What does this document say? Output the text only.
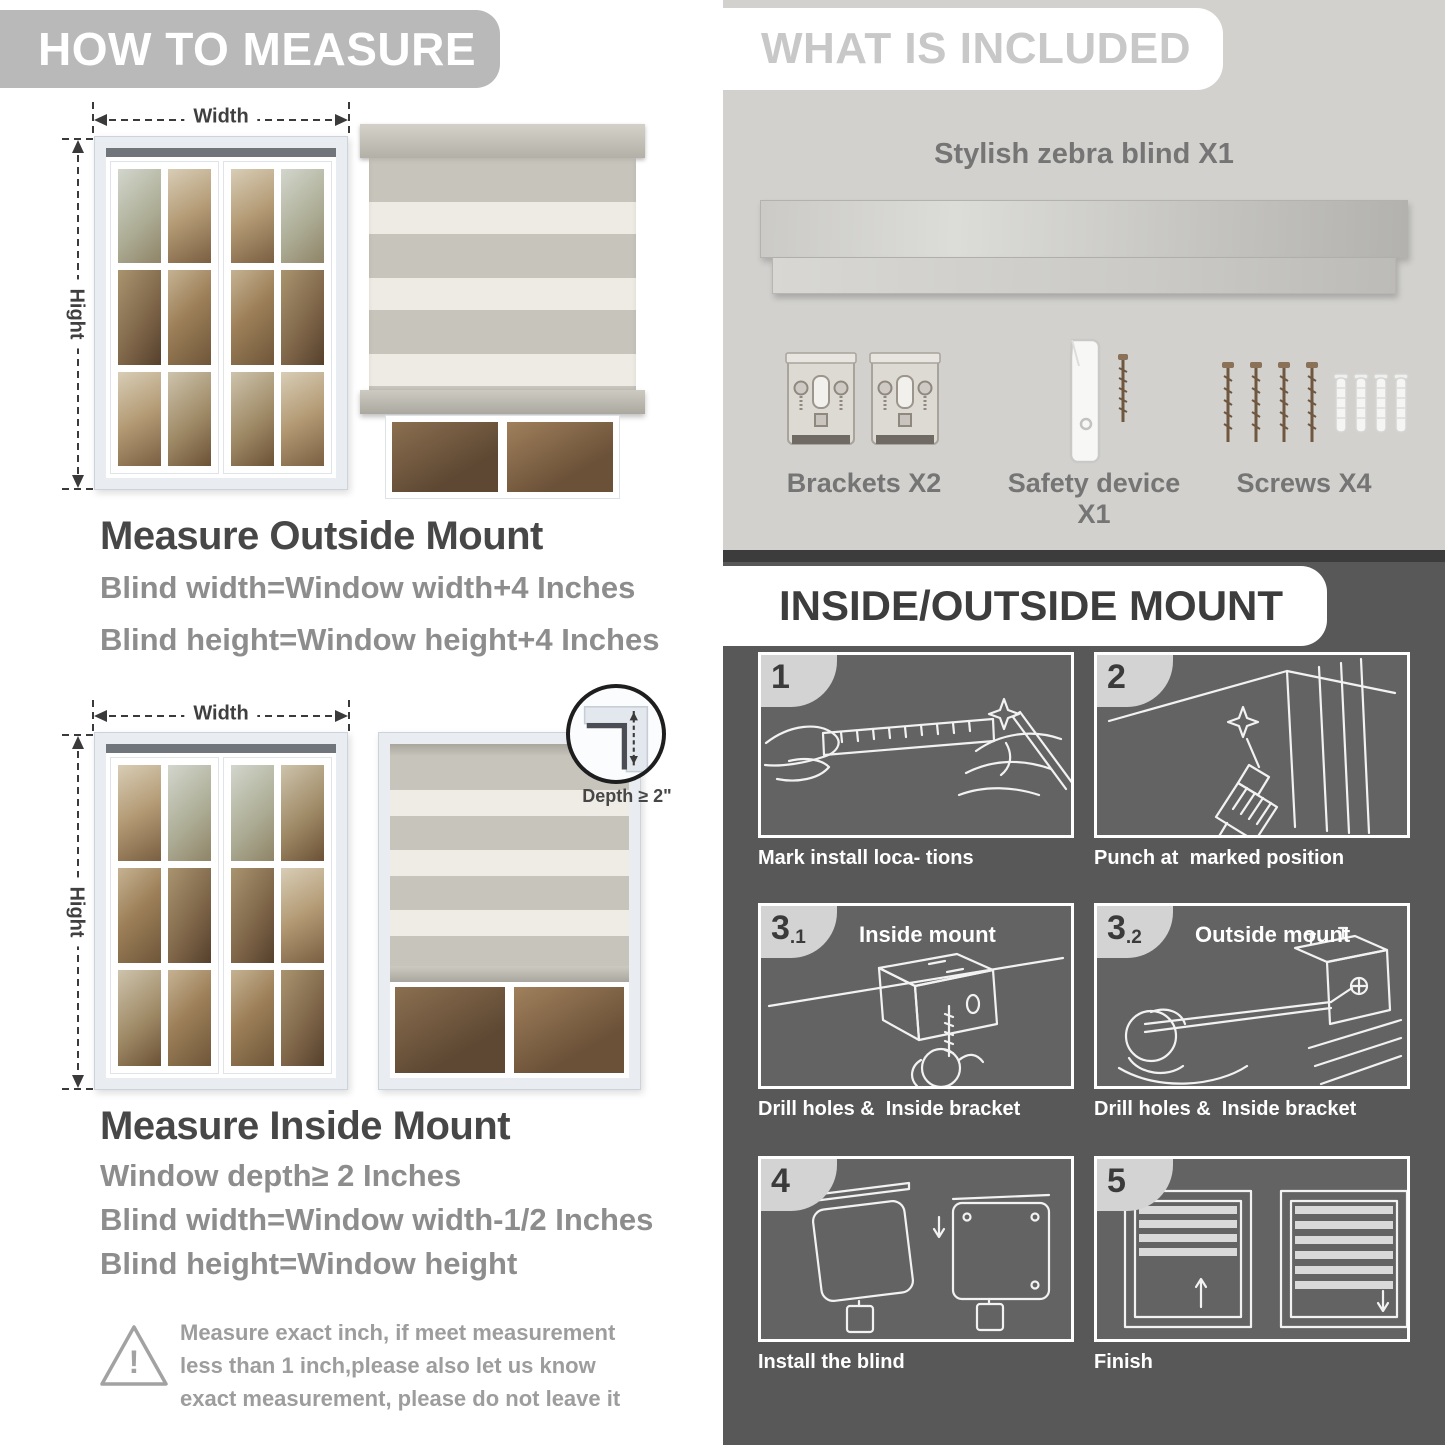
HOW TO MEASURE
Width
Hight
Measure Outside Mount
Blind width=Window width+4 Inches
Blind height=Window height+4 Inches
Width
Hight
Depth ≥ 2"
Measure Inside Mount
Window depth≥ 2 Inches
Blind width=Window width-1/2 Inches
Blind height=Window height
!
Measure exact inch, if meet measurement less than 1 inch,please also let us know exact measurement, please do not leave it
WHAT IS INCLUDED
Stylish zebra blind X1
Brackets X2	Safety device X1
Screws X4
INSIDE/OUTSIDE MOUNT
1
Mark install loca- tions
2
Punch at  marked position
3 .1 Inside mount
Drill holes &  Inside bracket
3 .2 Outside mount
Drill holes &  Inside bracket
4
Install the blind
5
Finish
